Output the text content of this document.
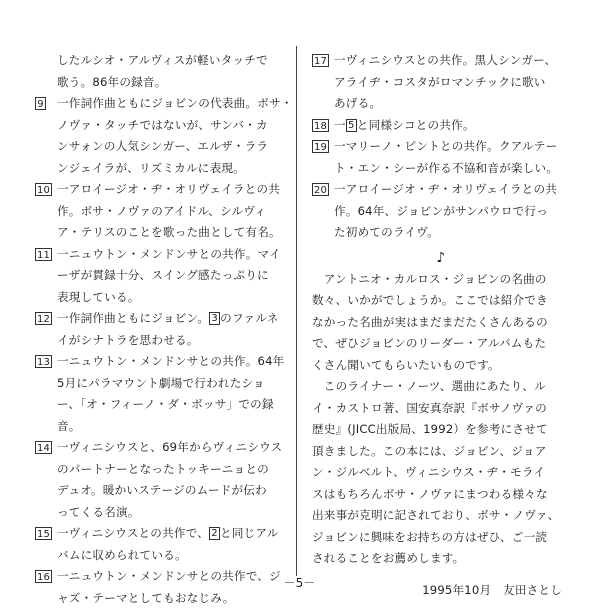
したルシオ・アルヴィスが軽いタッチで
歌う。86年の録音。
9 一作詞作曲ともにジョビンの代表曲。ボサ・
ノヴァ・タッチではないが、サンバ・カ
ンサォンの人気シンガー、エルザ・ララ
ンジェイラが、リズミカルに表現。
10 一アロイージオ・ヂ・オリヴェイラとの共
作。ボサ・ノヴァのアイドル、シルヴィ
ア・テリスのことを歌った曲として有名。
11 一ニュウトン・メンドンサとの共作。マイ
ーザが貫録十分、スイング感たっぷりに
表現している。
12 一作詞作曲ともにジョビン。 3 のファルネ
イがシナトラを思わせる。
13 一ニュウトン・メンドンサとの共作。64年
5月にパラマウント劇場で行われたショ
ー、「オ・フィーノ・ダ・ボッサ」での録
音。
14 一ヴィニシウスと、69年からヴィニシウス
のパートナーとなったトッキーニョとの
デュオ。暖かいステージのムードが伝わ
ってくる名演。
15 一ヴィニシウスとの共作で、 2 と同じアル
バムに収められている。
16 一ニュウトン・メンドンサとの共作で、ジ
ャズ・テーマとしてもおなじみ。
17 一ヴィニシウスとの共作。黒人シンガー、
アライヂ・コスタがロマンチックに歌い
あげる。
18 一 5 と同様シコとの共作。
19 一マリーノ・ピントとの共作。クアルテー
ト・エン・シーが作る不協和音が楽しい。
20 一アロイージオ・ヂ・オリヴェイラとの共
作。64年、ジョビンがサンパウロで行っ
た初めてのライヴ。
♪
　アントニオ・カルロス・ジョビンの名曲の
数々、いかがでしょうか。ここでは紹介でき
なかった名曲が実はまだまだたくさんあるの
で、ぜひジョビンのリーダー・アルバムもた
くさん聞いてもらいたいものです。
　このライナー・ノーツ、選曲にあたり、ル
イ・カストロ著、国安真奈訳『ボサノヴァの
歴史』(JICC出版局、1992）を参考にさせて
頂きました。この本には、ジョビン、ジョア
ン・ジルベルト、ヴィニシウス・ヂ・モライ
スはもちろんボサ・ノヴァにまつわる様々な
出来事が克明に記されており、ボサ・ノヴァ、
ジョビンに興味をお持ちの方はぜひ、ご一読
されることをお薦めします。
1995年10月　友田さとし
－5－
